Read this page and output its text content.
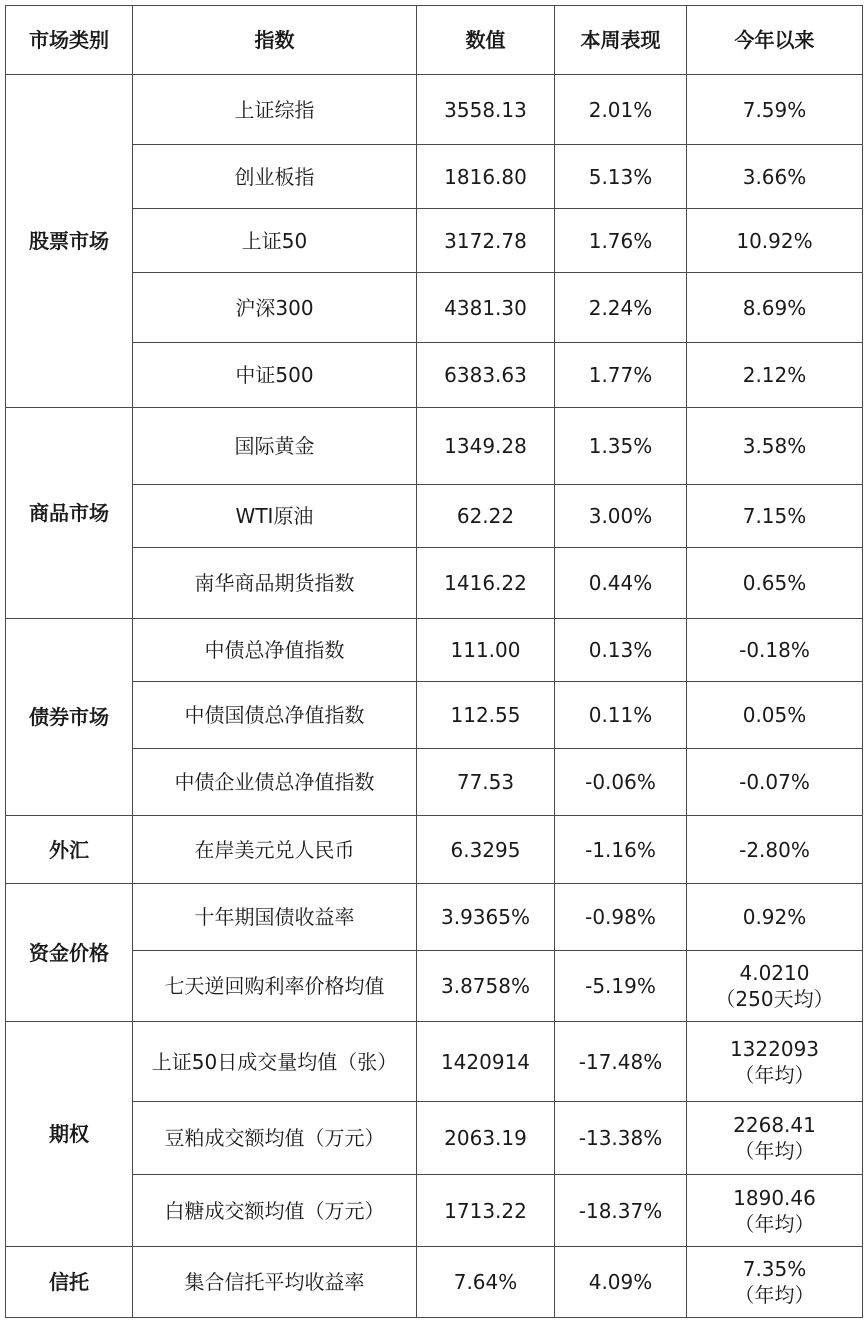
市场类别	指数	数值	本周表现	今年以来
股票市场	上证综指	3558.13	2.01%	7.59%

	创业板指	1816.80	5.13%	3.66%

	上证50	3172.78	1.76%	10.92%

	沪深300	4381.30	2.24%	8.69%

	中证500	6383.63	1.77%	2.12%

商品市场	国际黄金	1349.28	1.35%	3.58%

	WTI原油	62.22	3.00%	7.15%

	南华商品期货指数	1416.22	0.44%	0.65%

债券市场	中债总净值指数	111.00	0.13%	-0.18%

	中债国债总净值指数	112.55	0.11%	0.05%

	中债企业债总净值指数	77.53	-0.06%	-0.07%

外汇	在岸美元兑人民币	6.3295	-1.16%	-2.80%

资金价格	十年期国债收益率	3.9365%	-0.98%	0.92%

	七天逆回购利率价格均值	3.8758%	-5.19%	4.0210
（250天均）

期权	上证50日成交量均值（张）	1420914	-17.48%	1322093
（年均）

	豆粕成交额均值（万元）	2063.19	-13.38%	2268.41
（年均）

	白糖成交额均值（万元）	1713.22	-18.37%	1890.46
（年均）

信托	集合信托平均收益率	7.64%	4.09%	7.35%
（年均）
